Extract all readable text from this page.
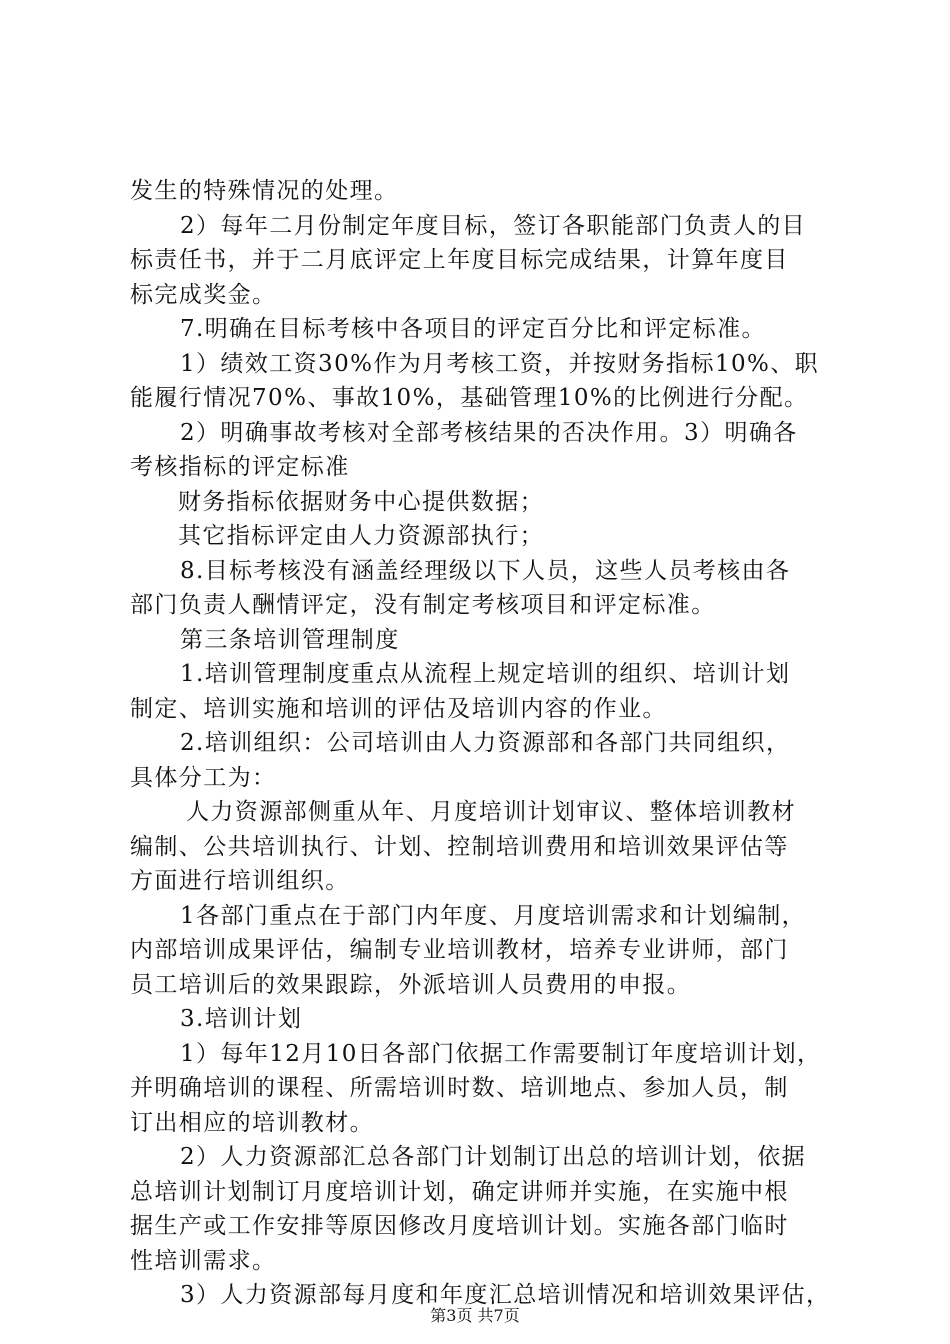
发生的特殊情况的处理。
2）每年二月份制定年度目标，签订各职能部门负责人的目
标责任书，并于二月底评定上年度目标完成结果，计算年度目
标完成奖金。
7.明确在目标考核中各项目的评定百分比和评定标准。
1）绩效工资30%作为月考核工资，并按财务指标10%、职
能履行情况70%、事故10%，基础管理10%的比例进行分配。
2）明确事故考核对全部考核结果的否决作用。3）明确各
考核指标的评定标准
财务指标依据财务中心提供数据；
其它指标评定由人力资源部执行；
8.目标考核没有涵盖经理级以下人员，这些人员考核由各
部门负责人酬情评定，没有制定考核项目和评定标准。
第三条培训管理制度
1.培训管理制度重点从流程上规定培训的组织、培训计划
制定、培训实施和培训的评估及培训内容的作业。
2.培训组织：公司培训由人力资源部和各部门共同组织，
具体分工为：
人力资源部侧重从年、月度培训计划审议、整体培训教材
编制、公共培训执行、计划、控制培训费用和培训效果评估等
方面进行培训组织。
1各部门重点在于部门内年度、月度培训需求和计划编制，
内部培训成果评估，编制专业培训教材，培养专业讲师，部门
员工培训后的效果跟踪，外派培训人员费用的申报。
3.培训计划
1）每年12月10日各部门依据工作需要制订年度培训计划，
并明确培训的课程、所需培训时数、培训地点、参加人员，制
订出相应的培训教材。
2）人力资源部汇总各部门计划制订出总的培训计划，依据
总培训计划制订月度培训计划，确定讲师并实施，在实施中根
据生产或工作安排等原因修改月度培训计划。实施各部门临时
性培训需求。
3）人力资源部每月度和年度汇总培训情况和培训效果评估，
第3页 共7页
